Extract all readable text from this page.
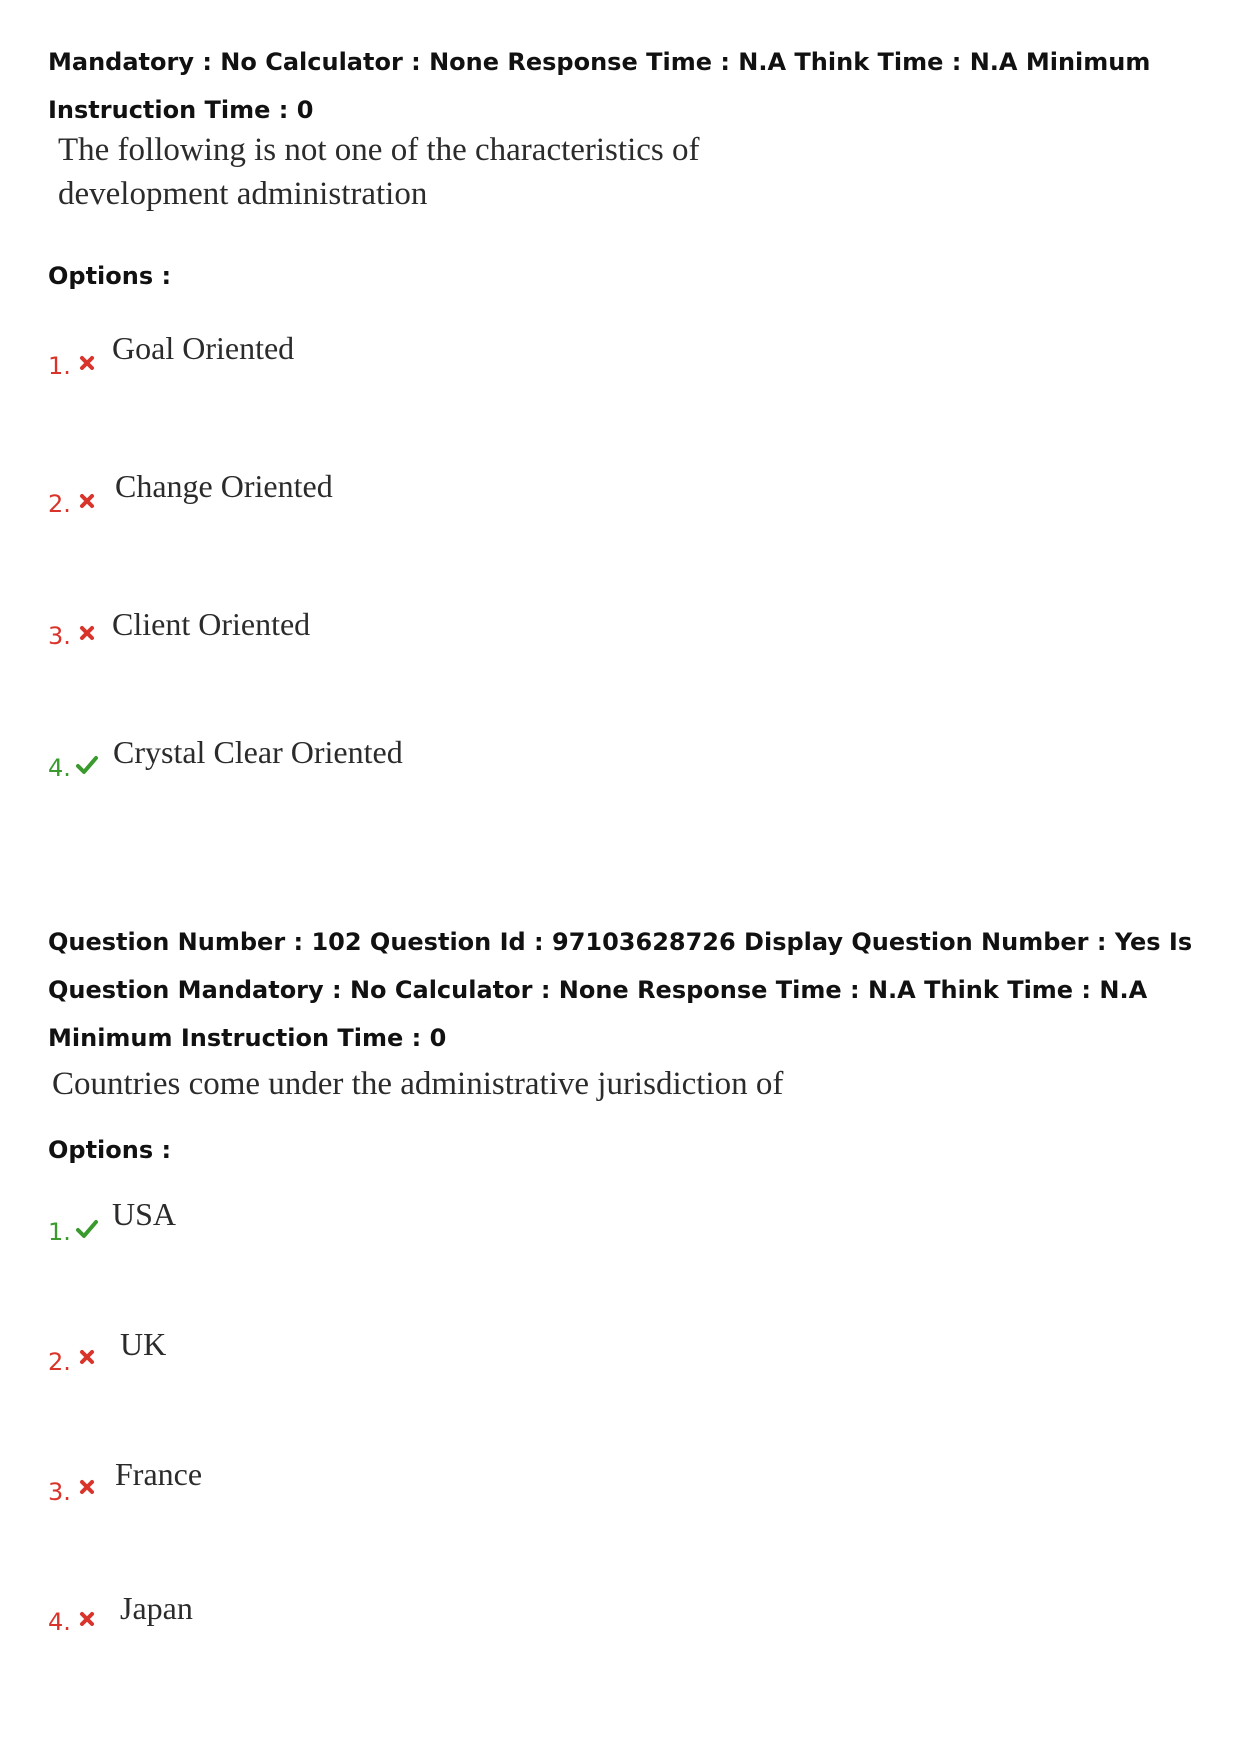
Mandatory : No Calculator : None Response Time : N.A Think Time : N.A Minimum Instruction Time : 0

The following is not one of the characteristics of development administration

Options :

1. Goal Oriented
2. Change Oriented
3. Client Oriented
4. Crystal Clear Oriented

Question Number : 102 Question Id : 97103628726 Display Question Number : Yes Is Question Mandatory : No Calculator : None Response Time : N.A Think Time : N.A Minimum Instruction Time : 0

Countries come under the administrative jurisdiction of

Options :

1. USA
2. UK
3. France
4. Japan
